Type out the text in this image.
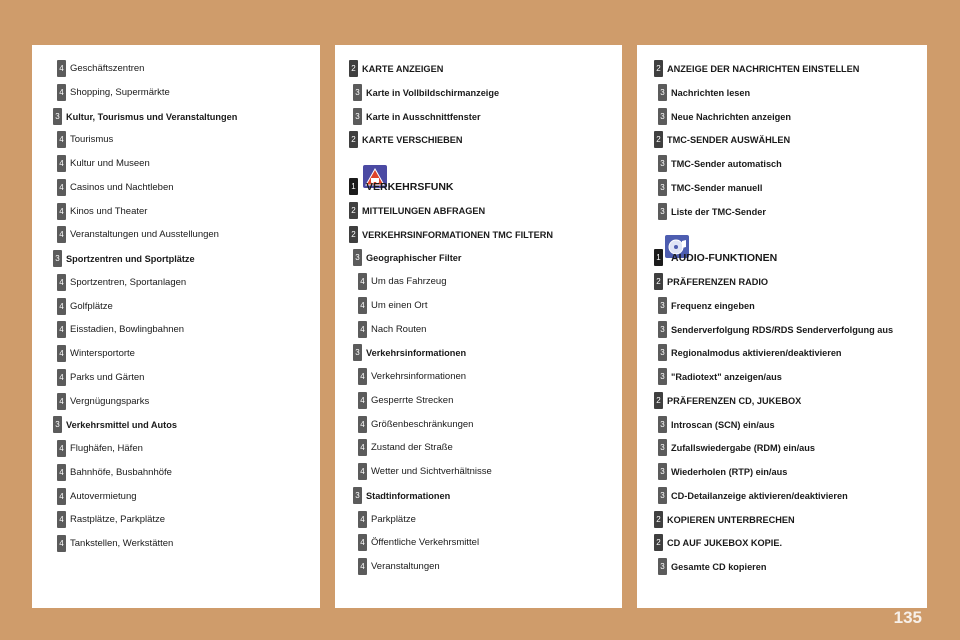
4 Geschäftszentren
4 Shopping, Supermärkte
3 Kultur, Tourismus und Veranstaltungen
4 Tourismus
4 Kultur und Museen
4 Casinos und Nachtleben
4 Kinos und Theater
4 Veranstaltungen und Ausstellungen
3 Sportzentren und Sportplätze
4 Sportzentren, Sportanlagen
4 Golfplätze
4 Eisstadien, Bowlingbahnen
4 Wintersportorte
4 Parks und Gärten
4 Vergnügungsparks
3 Verkehrsmittel und Autos
4 Flughäfen, Häfen
4 Bahnhöfe, Busbahnhöfe
4 Autovermietung
4 Rastplätze, Parkplätze
4 Tankstellen, Werkstätten
2 KARTE ANZEIGEN
3 Karte in Vollbildschirmanzeige
3 Karte in Ausschnittfenster
2 KARTE VERSCHIEBEN
1 VERKEHRSFUNK
2 MITTEILUNGEN ABFRAGEN
2 VERKEHRSINFORMATIONEN TMC FILTERN
3 Geographischer Filter
4 Um das Fahrzeug
4 Um einen Ort
4 Nach Routen
3 Verkehrsinformationen
4 Verkehrsinformationen
4 Gesperrte Strecken
4 Größenbeschränkungen
4 Zustand der Straße
4 Wetter und Sichtverhältnisse
3 Stadtinformationen
4 Parkplätze
4 Öffentliche Verkehrsmittel
4 Veranstaltungen
2 ANZEIGE DER NACHRICHTEN EINSTELLEN
3 Nachrichten lesen
3 Neue Nachrichten anzeigen
2 TMC-SENDER AUSWÄHLEN
3 TMC-Sender automatisch
3 TMC-Sender manuell
3 Liste der TMC-Sender
1 AUDIO-FUNKTIONEN
2 PRÄFERENZEN RADIO
3 Frequenz eingeben
3 Senderverfolgung RDS/RDS Senderverfolgung aus
3 Regionalmodus aktivieren/deaktivieren
3 "Radiotext" anzeigen/aus
2 PRÄFERENZEN CD, JUKEBOX
3 Introscan (SCN) ein/aus
3 Zufallswiedergabe (RDM) ein/aus
3 Wiederholen (RTP) ein/aus
3 CD-Detailanzeige aktivieren/deaktivieren
2 KOPIEREN UNTERBRECHEN
2 CD AUF JUKEBOX KOPIE.
3 Gesamte CD kopieren
135
